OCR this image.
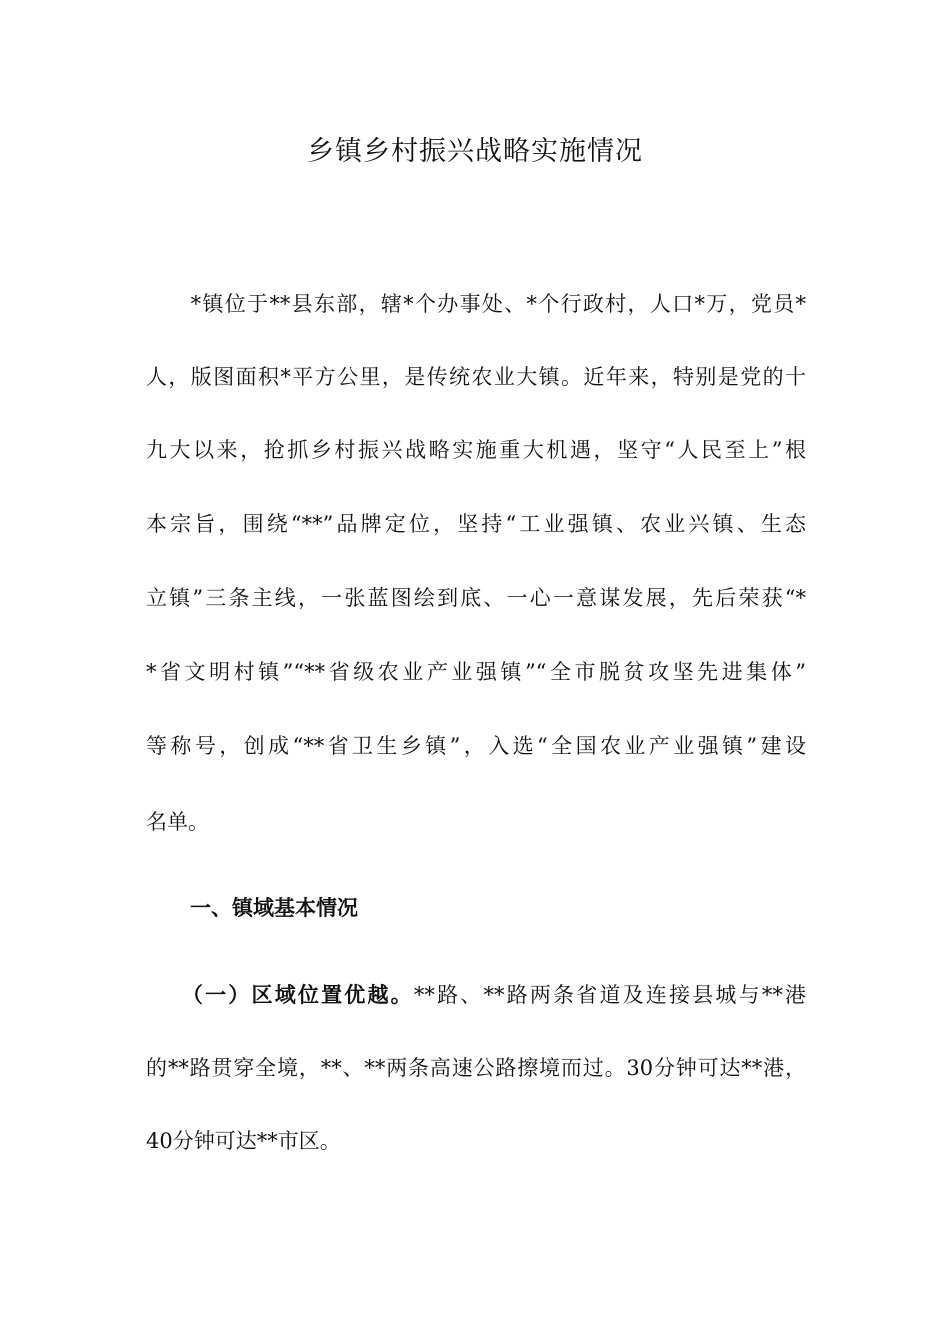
乡镇乡村振兴战略实施情况
　　*镇位于**县东部，辖*个办事处、*个行政村，人口*万，党员*
人，版图面积*平方公里，是传统农业大镇。近年来，特别是党的十
九大以来，抢抓乡村振兴战略实施重大机遇，坚守“人民至上”根
本宗旨，围绕“**”品牌定位，坚持“工业强镇、农业兴镇、生态
立镇”三条主线，一张蓝图绘到底、一心一意谋发展，先后荣获“*
*省文明村镇”“**省级农业产业强镇”“全市脱贫攻坚先进集体”
等称号，创成“**省卫生乡镇”，入选“全国农业产业强镇”建设
名单。
一、镇域基本情况
　　（一）区域位置优越。**路、**路两条省道及连接县城与**港
的**路贯穿全境，**、**两条高速公路擦境而过。30分钟可达**港，
40分钟可达**市区。
